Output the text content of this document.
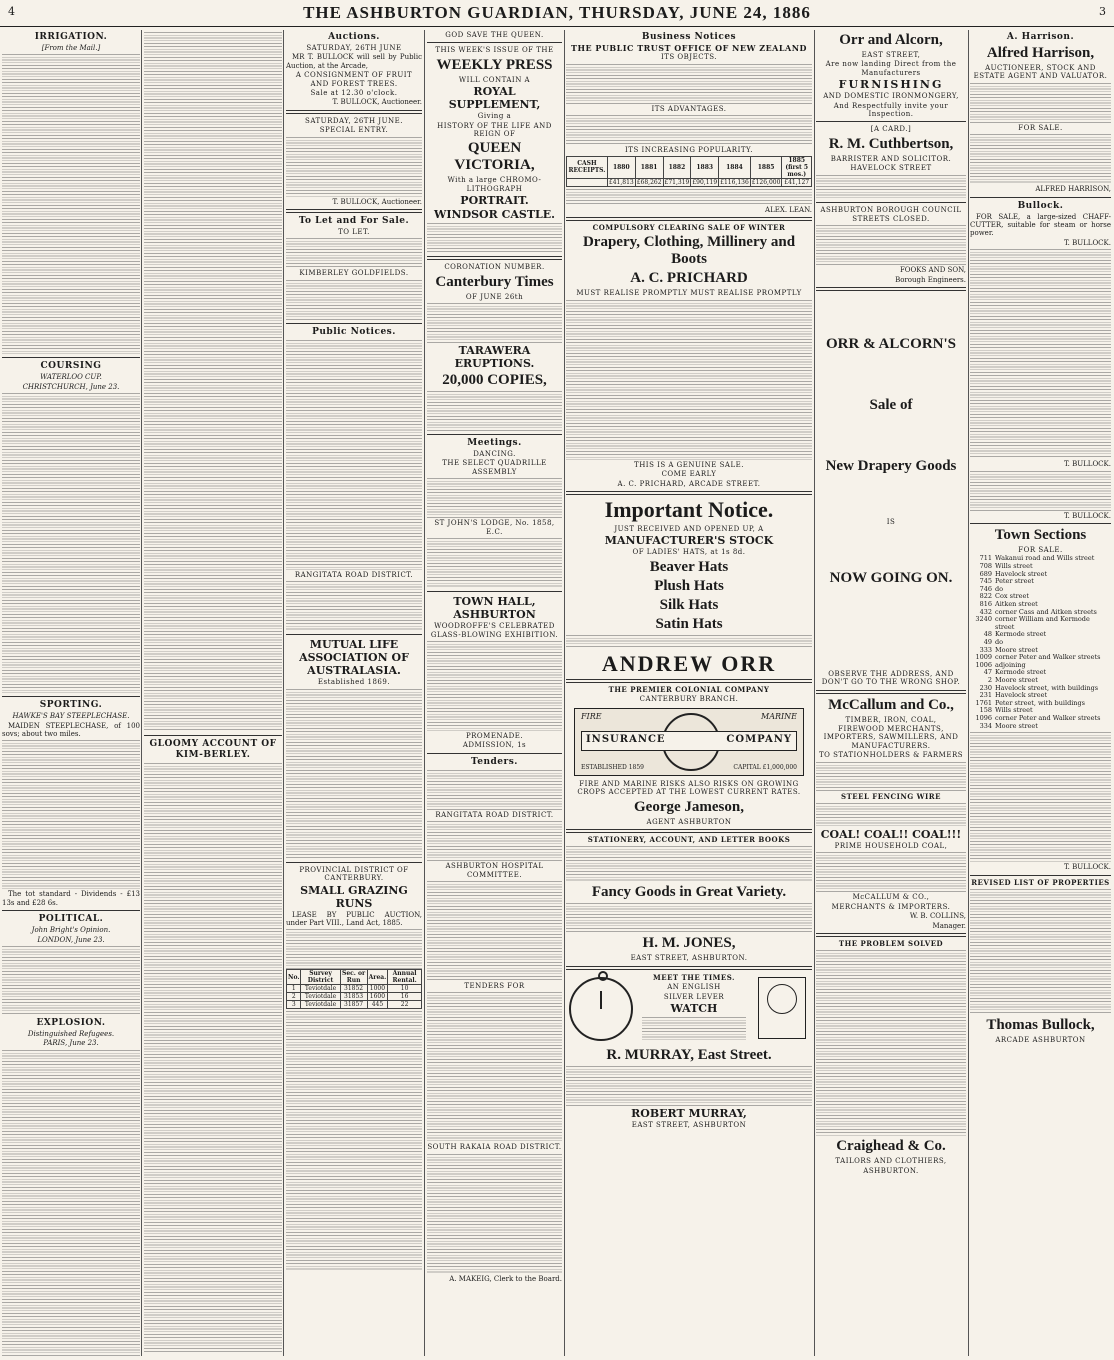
4	THE ASHBURTON GUARDIAN, THURSDAY, JUNE 24, 1886	3
IRRIGATION.
[From the Mail.]
COURSING
WATERLOO CUP.
CHRISTCHURCH, June 23.
SPORTING.
HAWKE'S BAY STEEPLECHASE.
MAIDEN STEEPLECHASE, of 100 sovs; about two miles.
The tot standard - Dividends - £13 13s and £28 6s.
POLITICAL.
John Bright's Opinion.
LONDON, June 23.
EXPLOSION.
Distinguished Refugees.
PARIS, June 23.
GLOOMY ACCOUNT OF KIM-BERLEY.
Auctions.
SATURDAY, 26TH JUNE
MR T. BULLOCK will sell by Public Auction, at the Arcade,
A CONSIGNMENT OF FRUIT AND FOREST TREES.
Sale at 12.30 o'clock.
T. BULLOCK, Auctioneer.
SATURDAY, 26TH JUNE.
SPECIAL ENTRY.
T. BULLOCK, Auctioneer.
To Let and For Sale.
TO LET.
KIMBERLEY GOLDFIELDS.
Public Notices.
RANGITATA ROAD DISTRICT.
MUTUAL LIFE ASSOCIATION OF AUSTRALASIA.
Established 1869.
PROVINCIAL DISTRICT OF CANTERBURY.
SMALL GRAZING RUNS
LEASE BY PUBLIC AUCTION, under Part VIII., Land Act, 1885.
No.	Survey District	Sec. or Run	Area.	Annual Rental.
1	Teviotdale	31852	1000	10
2	Teviotdale	31853	1600	16
3	Teviotdale	31857	445	22
GOD SAVE THE QUEEN.
THIS WEEK'S ISSUE OF THE
WEEKLY PRESS
WILL CONTAIN A
ROYAL SUPPLEMENT,
Giving a
HISTORY OF THE LIFE AND REIGN OF
QUEEN VICTORIA,
With a large CHROMO-LITHOGRAPH
PORTRAIT.
WINDSOR CASTLE.
CORONATION NUMBER.
Canterbury Times
OF JUNE 26th
TARAWERA ERUPTIONS.
20,000 COPIES,
Meetings.
DANCING.
THE SELECT QUADRILLE ASSEMBLY
ST JOHN'S LODGE, No. 1858, E.C.
TOWN HALL, ASHBURTON
WOODROFFE'S CELEBRATED GLASS-BLOWING EXHIBITION.
PROMENADE.
ADMISSION, 1s
Tenders.
RANGITATA ROAD DISTRICT.
ASHBURTON HOSPITAL COMMITTEE.
TENDERS FOR
SOUTH RAKAIA ROAD DISTRICT.
A. MAKEIG, Clerk to the Board.
Business Notices
THE PUBLIC TRUST OFFICE OF NEW ZEALAND
ITS OBJECTS.
ITS ADVANTAGES.
ITS INCREASING POPULARITY.
CASH RECEIPTS.	1880	1881	1882	1883	1884	1885	1885 (first 5 mos.)
	£41,813	£68,262	£71,319	£90,119	£116,136	£126,000	£41,127
ALEX. LEAN.
COMPULSORY CLEARING SALE OF WINTER
Drapery, Clothing, Millinery and Boots
A. C. PRICHARD
MUST REALISE PROMPTLY MUST REALISE PROMPTLY
THIS IS A GENUINE SALE.
COME EARLY
A. C. PRICHARD, ARCADE STREET.
Important Notice.
JUST RECEIVED AND OPENED UP, A
MANUFACTURER'S STOCK
OF LADIES' HATS, at 1s 8d.
Beaver Hats
Plush Hats
Silk Hats
Satin Hats
ANDREW ORR
THE PREMIER COLONIAL COMPANY
CANTERBURY BRANCH.
FIRE	MARINE
INSURANCE	COMPANY
ESTABLISHED 1859	CAPITAL £1,000,000
FIRE AND MARINE RISKS ALSO RISKS ON GROWING CROPS ACCEPTED AT THE LOWEST CURRENT RATES.
George Jameson,
AGENT ASHBURTON
STATIONERY, ACCOUNT, AND LETTER BOOKS
Fancy Goods in Great Variety.
H. M. JONES,
EAST STREET, ASHBURTON.
MEET THE TIMES.
AN ENGLISH
SILVER LEVER
WATCH
R. MURRAY, East Street.
ROBERT MURRAY,
EAST STREET, ASHBURTON
Orr and Alcorn,
EAST STREET,
Are now landing Direct from the Manufacturers
FURNISHING
AND DOMESTIC IRONMONGERY,
And Respectfully invite your Inspection.
[A CARD.]
R. M. Cuthbertson,
BARRISTER AND SOLICITOR.
HAVELOCK STREET
ASHBURTON BOROUGH COUNCIL
STREETS CLOSED.
FOOKS AND SON,
Borough Engineers.
ORR & ALCORN'S
Sale of
New Drapery Goods
IS
NOW GOING ON.
OBSERVE THE ADDRESS, AND DON'T GO TO THE WRONG SHOP.
McCallum and Co.,
TIMBER, IRON, COAL,
FIREWOOD MERCHANTS, IMPORTERS, SAWMILLERS, AND MANUFACTURERS.
TO STATIONHOLDERS & FARMERS
STEEL FENCING WIRE
COAL! COAL!! COAL!!!
PRIME HOUSEHOLD COAL,
McCALLUM & CO.,
MERCHANTS & IMPORTERS.
W. B. COLLINS,
Manager.
THE PROBLEM SOLVED
Craighead & Co.
TAILORS AND CLOTHIERS,
ASHBURTON.
A. Harrison.
Alfred Harrison,
AUCTIONEER, STOCK AND ESTATE AGENT AND VALUATOR.
FOR SALE.
ALFRED HARRISON,
Bullock.
FOR SALE, a large-sized CHAFF-CUTTER, suitable for steam or horse power.
T. BULLOCK.
T. BULLOCK.
T. BULLOCK.
Town Sections
FOR SALE.
711 Wakanui road and Wills street
708 Wills street
689 Havelock street
745 Peter street
746 do
822 Cox street
816 Aitken street
432 corner Cass and Aitken streets
3240 corner William and Kermode street
48 Kermode street
49 do
333 Moore street
1009 corner Peter and Walker streets
1006 adjoining
47 Kermode street
2 Moore street
230 Havelock street, with buildings
231 Havelock street
1761 Peter street, with buildings
158 Wills street
1096 corner Peter and Walker streets
334 Moore street
T. BULLOCK.
REVISED LIST OF PROPERTIES
Thomas Bullock,
ARCADE ASHBURTON
